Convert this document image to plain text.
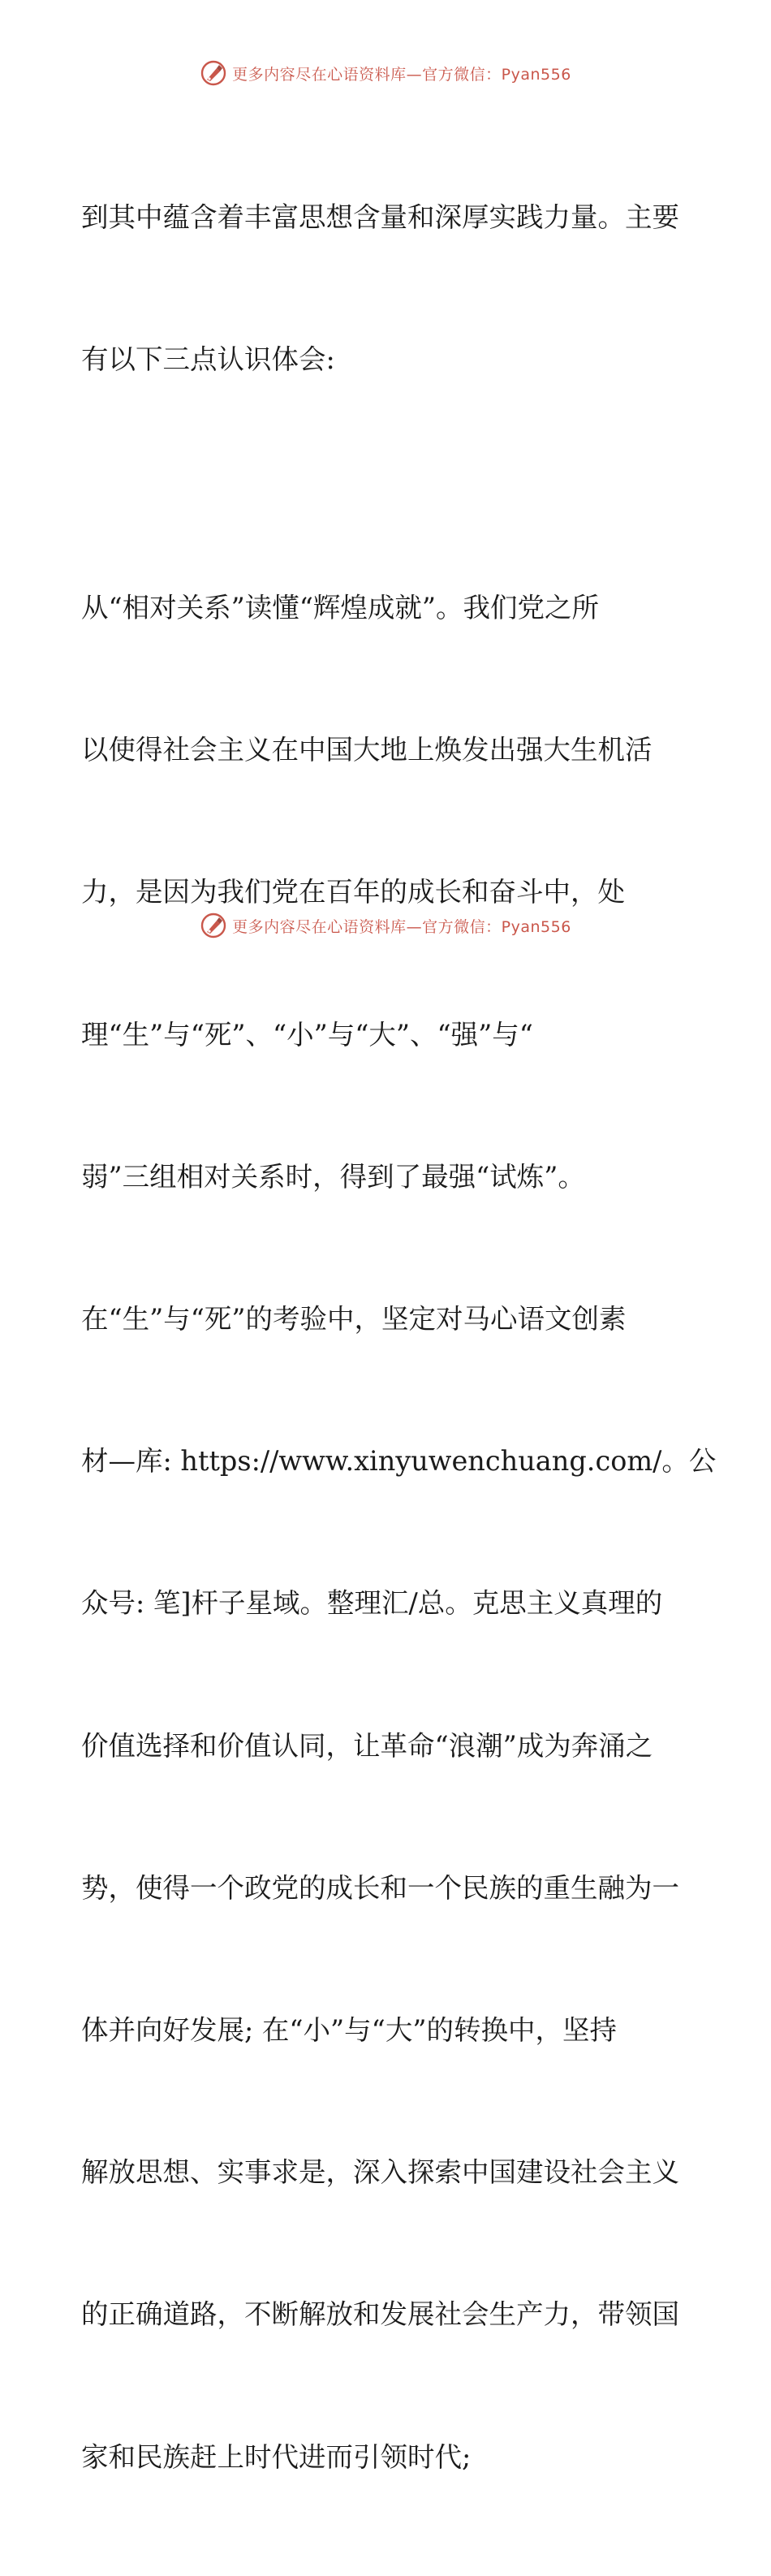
更多内容尽在心语资料库—官方微信：Pyan556

到其中蕴含着丰富思想含量和深厚实践力量。主要

有以下三点认识体会:

从“相对关系”读懂“辉煌成就”。我们党之所

以使得社会主义在中国大地上焕发出强大生机活

力，是因为我们党在百年的成长和奋斗中，处

理“生”与“死”、“小”与“大”、“强”与“

弱”三组相对关系时，得到了最强“试炼”。

在“生”与“死”的考验中，坚定对马心语文创素

材—库: https://www.xinyuwenchuang.com/。公

众号: 笔]杆子星域。整理汇/总。克思主义真理的

价值选择和价值认同，让革命“浪潮”成为奔涌之

势，使得一个政党的成长和一个民族的重生融为一

体并向好发展; 在“小”与“大”的转换中，坚持

解放思想、实事求是，深入探索中国建设社会主义

的正确道路，不断解放和发展社会生产力，带领国

家和民族赶上时代进而引领时代;

更多内容尽在心语资料库—官方微信：Pyan556
